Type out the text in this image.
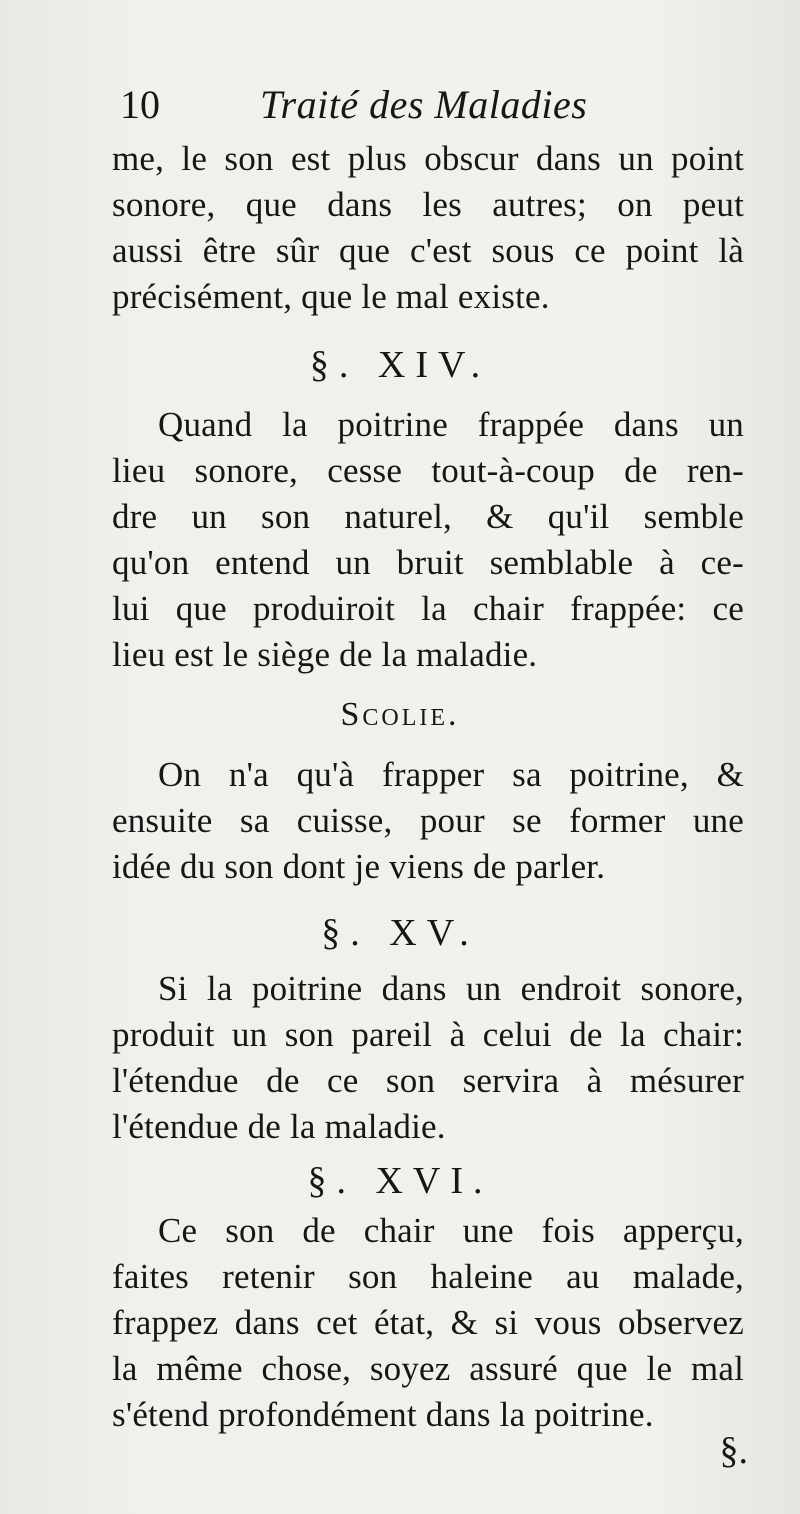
10	Traité des Maladies
me, le son est plus obscur dans un point
sonore, que dans les autres; on peut
aussi être sûr que c'est sous ce point là
précisément, que le mal existe.
§. XIV.
Quand la poitrine frappée dans un
lieu sonore, cesse tout-à-coup de ren-
dre un son naturel, & qu'il semble
qu'on entend un bruit semblable à ce-
lui que produiroit la chair frappée: ce
lieu est le siège de la maladie.
Scolie.
On n'a qu'à frapper sa poitrine, &
ensuite sa cuisse, pour se former une
idée du son dont je viens de parler.
§. XV.
Si la poitrine dans un endroit sonore,
produit un son pareil à celui de la chair:
l'étendue de ce son servira à mésurer
l'étendue de la maladie.
§. XVI.
Ce son de chair une fois apperçu,
faites retenir son haleine au malade,
frappez dans cet état, & si vous observez
la même chose, soyez assuré que le mal
s'étend profondément dans la poitrine.
§.
